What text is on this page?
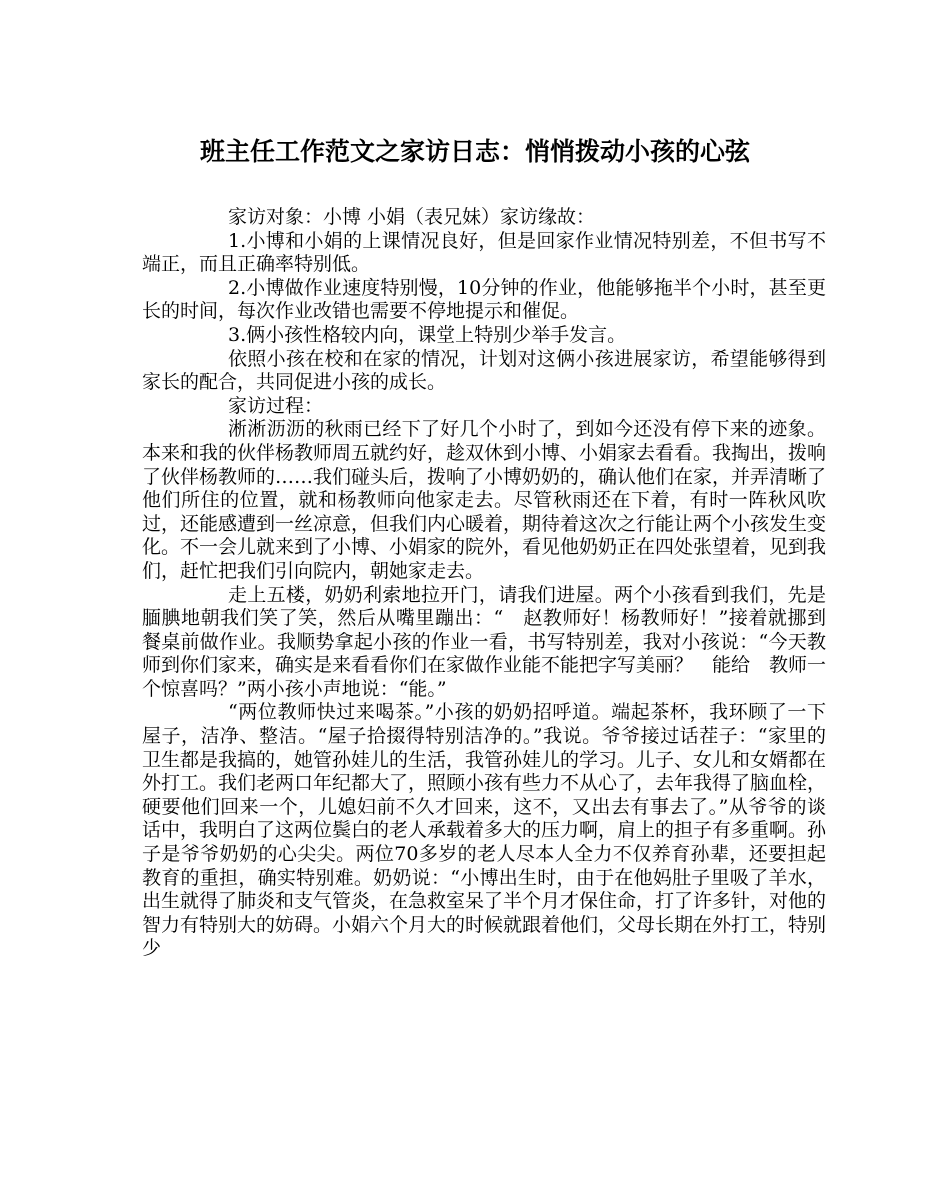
班主任工作范文之家访日志：悄悄拨动小孩的心弦

家访对象：小博 小娟（表兄妹）家访缘故：

1.小博和小娟的上课情况良好，但是回家作业情况特别差，不但书写不端正，而且正确率特别低。

2.小博做作业速度特别慢，10分钟的作业，他能够拖半个小时，甚至更长的时间，每次作业改错也需要不停地提示和催促。

3.俩小孩性格较内向，课堂上特别少举手发言。

依照小孩在校和在家的情况，计划对这俩小孩进展家访，希望能够得到家长的配合，共同促进小孩的成长。

家访过程：

淅淅沥沥的秋雨已经下了好几个小时了，到如今还没有停下来的迹象。本来和我的伙伴杨教师周五就约好，趁双休到小博、小娟家去看看。我掏出，拨响了伙伴杨教师的……我们碰头后，拨响了小博奶奶的，确认他们在家，并弄清晰了他们所住的位置，就和杨教师向他家走去。尽管秋雨还在下着，有时一阵秋风吹过，还能感遭到一丝凉意，但我们内心暖着，期待着这次之行能让两个小孩发生变化。不一会儿就来到了小博、小娟家的院外，看见他奶奶正在四处张望着，见到我们，赶忙把我们引向院内，朝她家走去。

走上五楼，奶奶利索地拉开门，请我们进屋。两个小孩看到我们，先是腼腆地朝我们笑了笑，然后从嘴里蹦出：“　赵教师好！杨教师好！”接着就挪到餐桌前做作业。我顺势拿起小孩的作业一看，书写特别差，我对小孩说：“今天教师到你们家来，确实是来看看你们在家做作业能不能把字写美丽？　能给　教师一个惊喜吗？”两小孩小声地说：“能。”

“两位教师快过来喝茶。”小孩的奶奶招呼道。端起茶杯，我环顾了一下屋子，洁净、整洁。“屋子拾掇得特别洁净的。”我说。爷爷接过话茬子：“家里的卫生都是我搞的，她管孙娃儿的生活，我管孙娃儿的学习。儿子、女儿和女婿都在外打工。我们老两口年纪都大了，照顾小孩有些力不从心了，去年我得了脑血栓，硬要他们回来一个，儿媳妇前不久才回来，这不，又出去有事去了。”从爷爷的谈话中，我明白了这两位鬓白的老人承载着多大的压力啊，肩上的担子有多重啊。孙子是爷爷奶奶的心尖尖。两位70多岁的老人尽本人全力不仅养育孙辈，还要担起教育的重担，确实特别难。奶奶说：“小博出生时，由于在他妈肚子里吸了羊水，出生就得了肺炎和支气管炎，在急救室呆了半个月才保住命，打了许多针，对他的智力有特别大的妨碍。小娟六个月大的时候就跟着他们，父母长期在外打工，特别少
